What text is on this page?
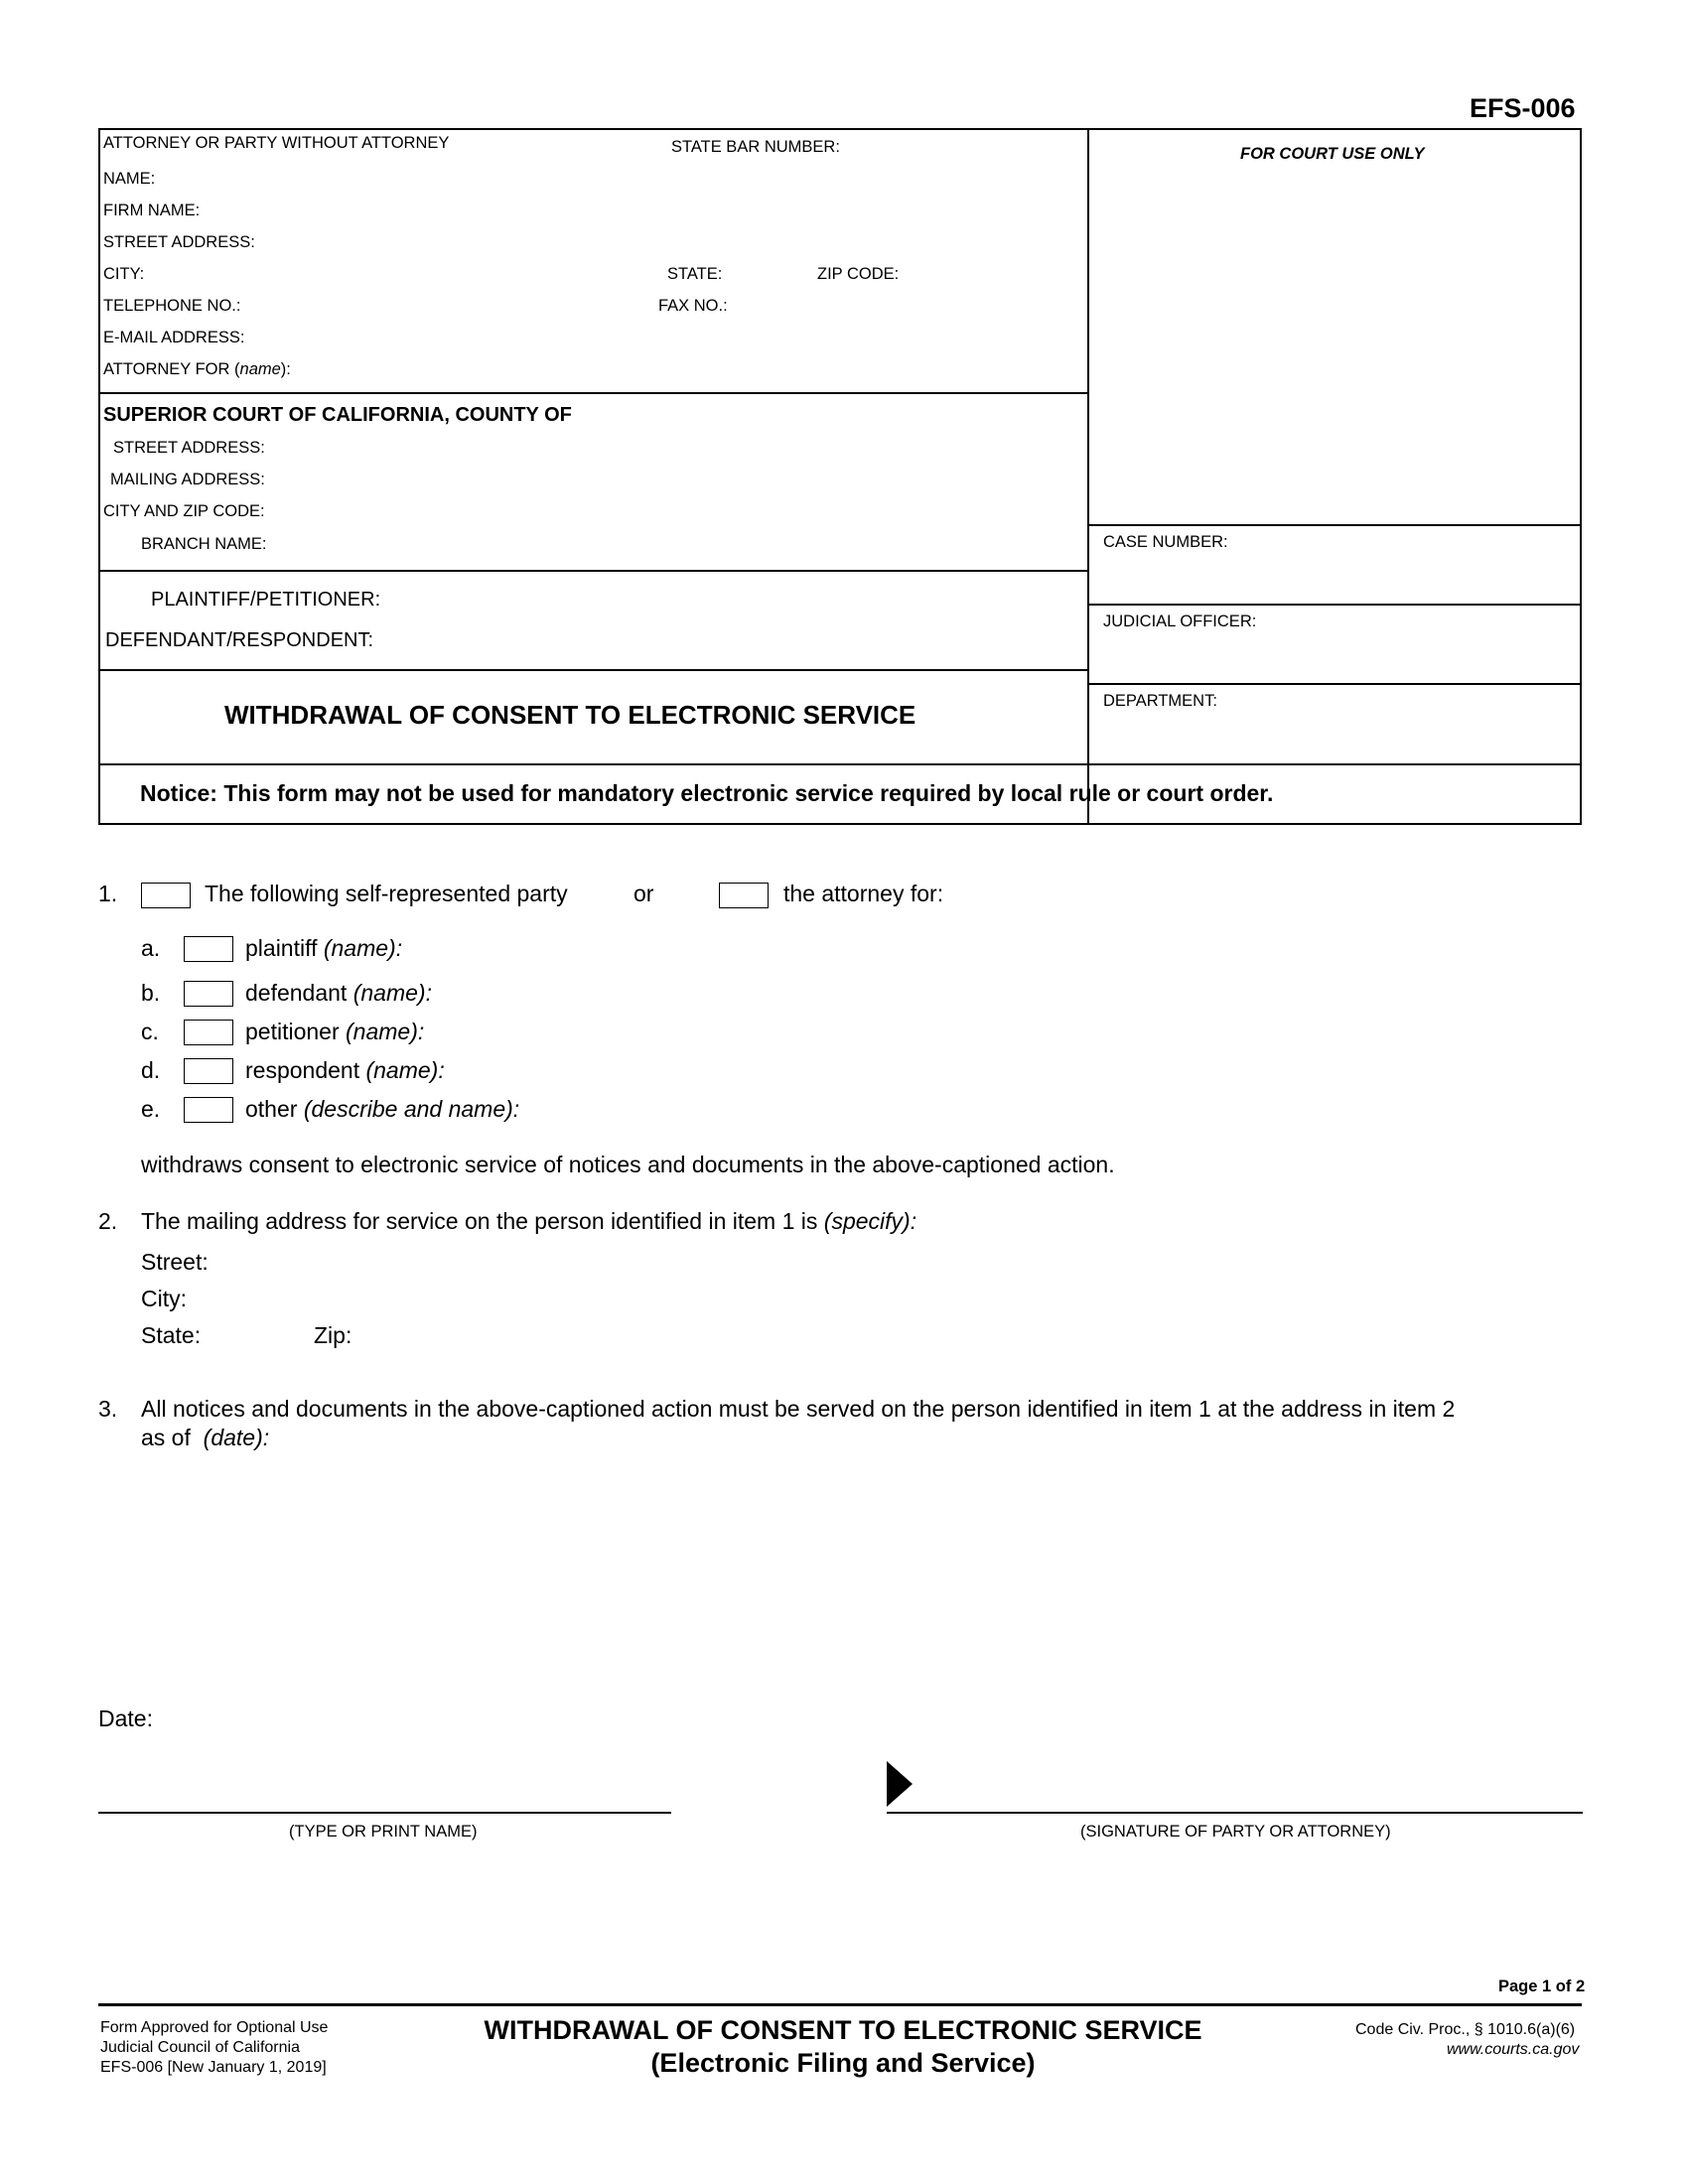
EFS-006
ATTORNEY OR PARTY WITHOUT ATTORNEY	STATE BAR NUMBER:
NAME:
FIRM NAME:
STREET ADDRESS:
CITY:	STATE:	ZIP CODE:
TELEPHONE NO.:	FAX NO.:
E-MAIL ADDRESS:
ATTORNEY FOR (name):
SUPERIOR COURT OF CALIFORNIA, COUNTY OF
STREET ADDRESS:
MAILING ADDRESS:
CITY AND ZIP CODE:
BRANCH NAME:
PLAINTIFF/PETITIONER:
DEFENDANT/RESPONDENT:
WITHDRAWAL OF CONSENT TO ELECTRONIC SERVICE
Notice: This form may not be used for mandatory electronic service required by local rule or court order.
FOR COURT USE ONLY
CASE NUMBER:
JUDICIAL OFFICER:
DEPARTMENT:
1.	The following self-represented party	or	the attorney for:
a.	plaintiff (name):
b.	defendant (name):
c.	petitioner (name):
d.	respondent (name):
e.	other (describe and name):
withdraws consent to electronic service of notices and documents in the above-captioned action.
2. The mailing address for service on the person identified in item 1 is (specify):
Street:
City:
State:	Zip:
3. All notices and documents in the above-captioned action must be served on the person identified in item 1 at the address in item 2
as of (date):
Date:
(TYPE OR PRINT NAME)	(SIGNATURE OF PARTY OR ATTORNEY)
Page 1 of 2
Form Approved for Optional Use
Judicial Council of California
EFS-006 [New January 1, 2019]
WITHDRAWAL OF CONSENT TO ELECTRONIC SERVICE
(Electronic Filing and Service)
Code Civ. Proc., § 1010.6(a)(6)
www.courts.ca.gov
